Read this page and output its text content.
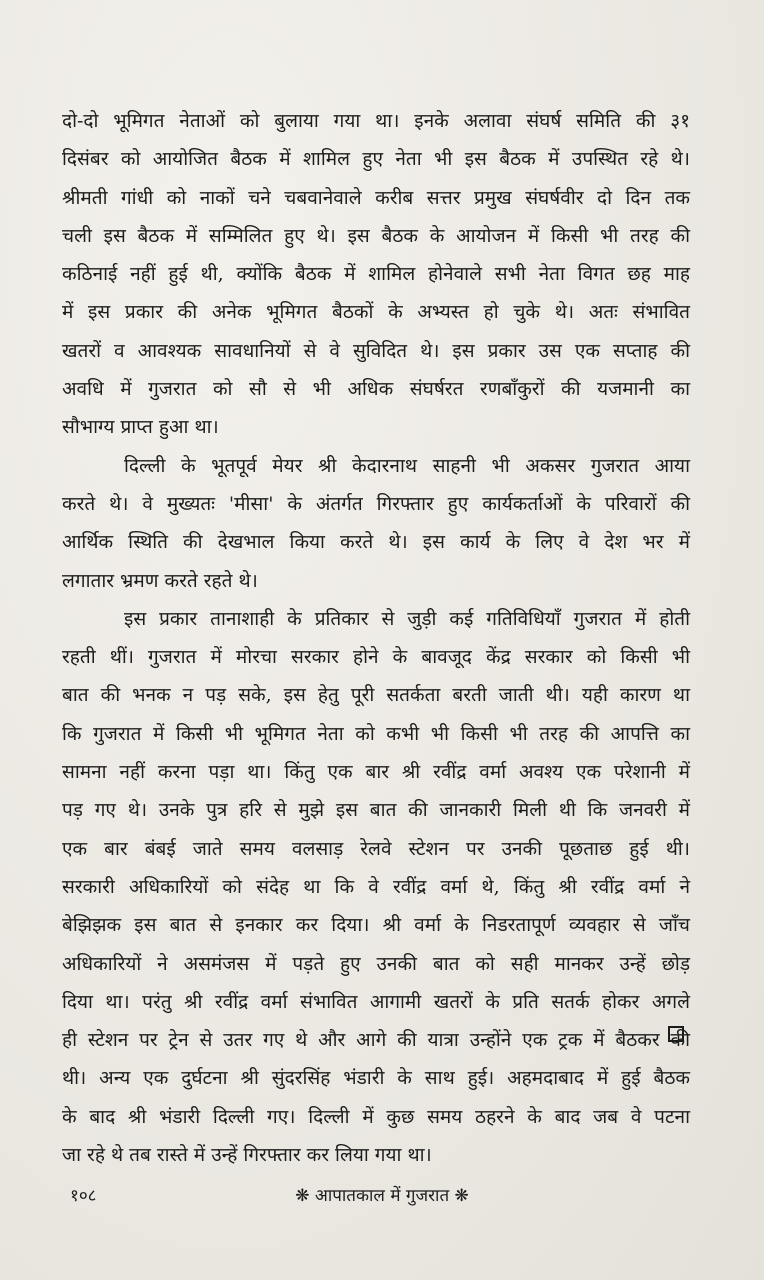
दो-दो भूमिगत नेताओं को बुलाया गया था। इनके अलावा संघर्ष समिति की ३१
दिसंबर को आयोजित बैठक में शामिल हुए नेता भी इस बैठक में उपस्थित रहे थे।
श्रीमती गांधी को नाकों चने चबवानेवाले करीब सत्तर प्रमुख संघर्षवीर दो दिन तक
चली इस बैठक में सम्मिलित हुए थे। इस बैठक के आयोजन में किसी भी तरह की
कठिनाई नहीं हुई थी, क्योंकि बैठक में शामिल होनेवाले सभी नेता विगत छह माह
में इस प्रकार की अनेक भूमिगत बैठकों के अभ्यस्त हो चुके थे। अतः संभावित
खतरों व आवश्यक सावधानियों से वे सुविदित थे। इस प्रकार उस एक सप्ताह की
अवधि में गुजरात को सौ से भी अधिक संघर्षरत रणबाँकुरों की यजमानी का
सौभाग्य प्राप्त हुआ था।
दिल्ली के भूतपूर्व मेयर श्री केदारनाथ साहनी भी अकसर गुजरात आया
करते थे। वे मुख्यतः 'मीसा' के अंतर्गत गिरफ्तार हुए कार्यकर्ताओं के परिवारों की
आर्थिक स्थिति की देखभाल किया करते थे। इस कार्य के लिए वे देश भर में
लगातार भ्रमण करते रहते थे।
इस प्रकार तानाशाही के प्रतिकार से जुड़ी कई गतिविधियाँ गुजरात में होती
रहती थीं। गुजरात में मोरचा सरकार होने के बावजूद केंद्र सरकार को किसी भी
बात की भनक न पड़ सके, इस हेतु पूरी सतर्कता बरती जाती थी। यही कारण था
कि गुजरात में किसी भी भूमिगत नेता को कभी भी किसी भी तरह की आपत्ति का
सामना नहीं करना पड़ा था। किंतु एक बार श्री रवींद्र वर्मा अवश्य एक परेशानी में
पड़ गए थे। उनके पुत्र हरि से मुझे इस बात की जानकारी मिली थी कि जनवरी में
एक बार बंबई जाते समय वलसाड़ रेलवे स्टेशन पर उनकी पूछताछ हुई थी।
सरकारी अधिकारियों को संदेह था कि वे रवींद्र वर्मा थे, किंतु श्री रवींद्र वर्मा ने
बेझिझक इस बात से इनकार कर दिया। श्री वर्मा के निडरतापूर्ण व्यवहार से जाँच
अधिकारियों ने असमंजस में पड़ते हुए उनकी बात को सही मानकर उन्हें छोड़
दिया था। परंतु श्री रवींद्र वर्मा संभावित आगामी खतरों के प्रति सतर्क होकर अगले
ही स्टेशन पर ट्रेन से उतर गए थे और आगे की यात्रा उन्होंने एक ट्रक में बैठकर की
थी। अन्य एक दुर्घटना श्री सुंदरसिंह भंडारी के साथ हुई। अहमदाबाद में हुई बैठक
के बाद श्री भंडारी दिल्ली गए। दिल्ली में कुछ समय ठहरने के बाद जब वे पटना
जा रहे थे तब रास्ते में उन्हें गिरफ्तार कर लिया गया था।
१०८	❋ आपातकाल में गुजरात ❋
